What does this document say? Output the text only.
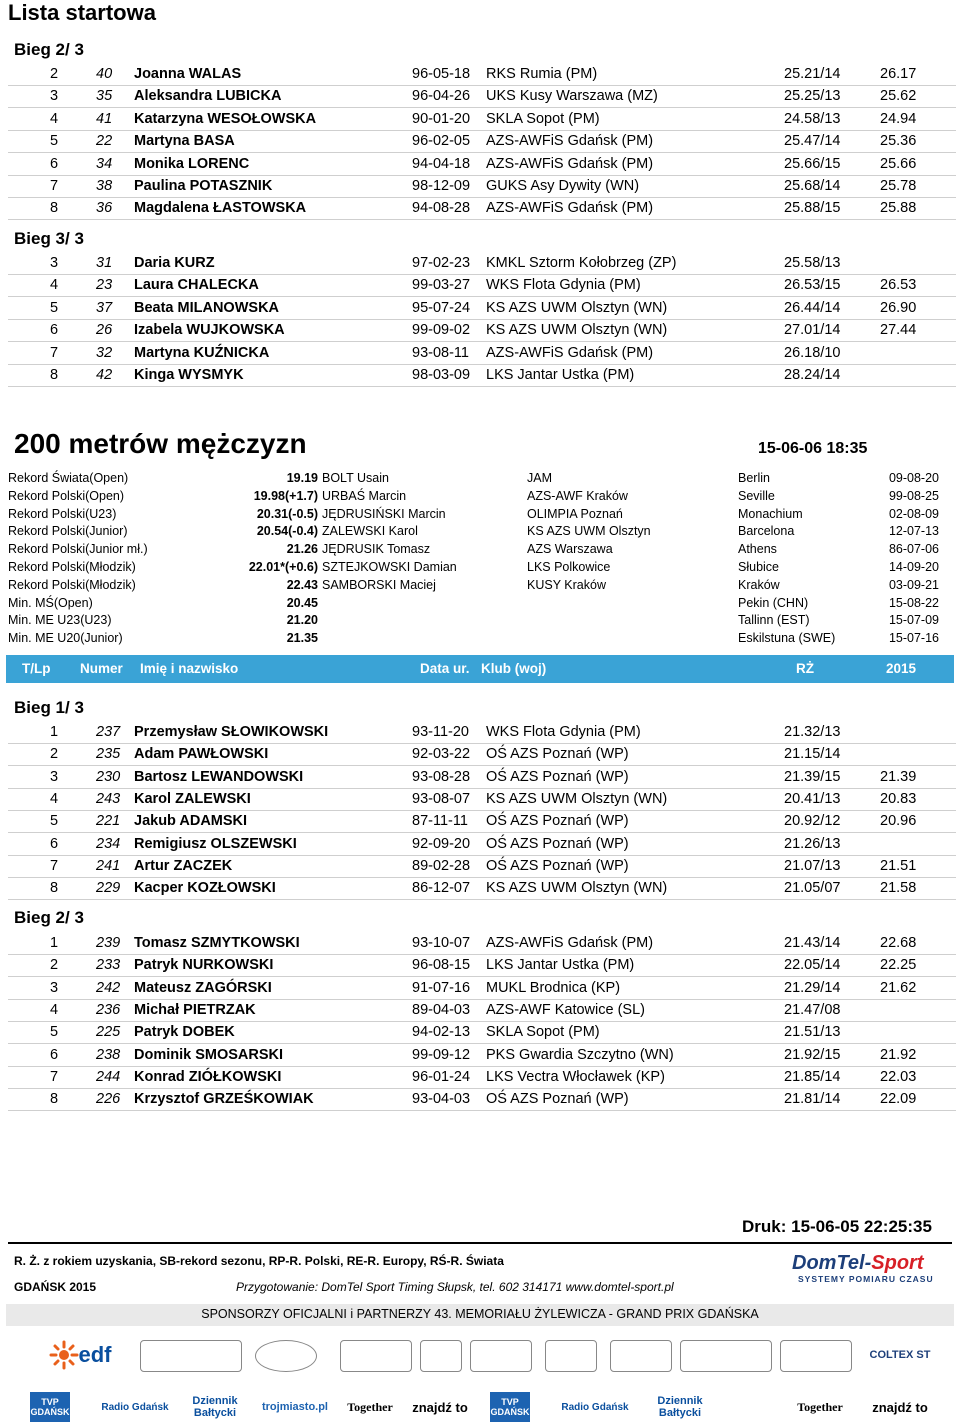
Lista startowa
Bieg 2/ 3
2	40 Joanna WALAS	96-05-18 RKS Rumia (PM)	25.21/14	26.17
3	35 Aleksandra LUBICKA	96-04-26 UKS Kusy Warszawa (MZ)	25.25/13	25.62
4	41 Katarzyna WESOŁOWSKA	90-01-20 SKLA Sopot (PM)	24.58/13	24.94
5	22 Martyna BASA	96-02-05 AZS-AWFiS Gdańsk (PM)	25.47/14	25.36
6	34 Monika LORENC	94-04-18 AZS-AWFiS Gdańsk (PM)	25.66/15	25.66
7	38 Paulina POTASZNIK	98-12-09 GUKS Asy Dywity (WN)	25.68/14	25.78
8	36 Magdalena ŁASTOWSKA	94-08-28 AZS-AWFiS Gdańsk (PM)	25.88/15	25.88
Bieg 3/ 3
3	31 Daria KURZ	97-02-23 KMKL Sztorm Kołobrzeg (ZP)	25.58/13
4	23 Laura CHALECKA	99-03-27 WKS Flota Gdynia (PM)	26.53/15	26.53
5	37 Beata MILANOWSKA	95-07-24 KS AZS UWM Olsztyn (WN)	26.44/14	26.90
6	26 Izabela WUJKOWSKA	99-09-02 KS AZS UWM Olsztyn (WN)	27.01/14	27.44
7	32 Martyna KUŹNICKA	93-08-11 AZS-AWFiS Gdańsk (PM)	26.18/10
8	42 Kinga WYSMYK	98-03-09 LKS Jantar Ustka (PM)	28.24/14
200 metrów mężczyzn	15-06-06 18:35
Rekord Świata(Open)	19.19 BOLT Usain	JAM	Berlin	09-08-20
Rekord Polski(Open)	19.98(+1.7) URBAŚ Marcin	AZS-AWF Kraków	Seville	99-08-25
Rekord Polski(U23)	20.31(-0.5) JĘDRUSIŃSKI Marcin	OLIMPIA Poznań	Monachium	02-08-09
Rekord Polski(Junior)	20.54(-0.4) ZALEWSKI Karol	KS AZS UWM Olsztyn	Barcelona	12-07-13
Rekord Polski(Junior mł.)	21.26 JĘDRUSIK Tomasz	AZS Warszawa	Athens	86-07-06
Rekord Polski(Młodzik)	22.01*(+0.6) SZTEJKOWSKI Damian	LKS Polkowice	Słubice	14-09-20
Rekord Polski(Młodzik)	22.43 SAMBORSKI Maciej	KUSY Kraków	Kraków	03-09-21
Min. MŚ(Open)	20.45	Pekin (CHN)	15-08-22
Min. ME U23(U23)	21.20	Tallinn (EST)	15-07-09
Min. ME U20(Junior)	21.35	Eskilstuna (SWE)	15-07-16
T/Lp Numer Imię i nazwisko	Data ur. Klub (woj)	RŻ	2015
Bieg 1/ 3
1	237 Przemysław SŁOWIKOWSKI	93-11-20 WKS Flota Gdynia (PM)	21.32/13
2	235 Adam PAWŁOWSKI	92-03-22 OŚ AZS Poznań (WP)	21.15/14
3	230 Bartosz LEWANDOWSKI	93-08-28 OŚ AZS Poznań (WP)	21.39/15	21.39
4	243 Karol ZALEWSKI	93-08-07 KS AZS UWM Olsztyn (WN)	20.41/13	20.83
5	221 Jakub ADAMSKI	87-11-11 OŚ AZS Poznań (WP)	20.92/12	20.96
6	234 Remigiusz OLSZEWSKI	92-09-20 OŚ AZS Poznań (WP)	21.26/13
7	241 Artur ZACZEK	89-02-28 OŚ AZS Poznań (WP)	21.07/13	21.51
8	229 Kacper KOZŁOWSKI	86-12-07 KS AZS UWM Olsztyn (WN)	21.05/07	21.58
Bieg 2/ 3
1	239 Tomasz SZMYTKOWSKI	93-10-07 AZS-AWFiS Gdańsk (PM)	21.43/14	22.68
2	233 Patryk NURKOWSKI	96-08-15 LKS Jantar Ustka (PM)	22.05/14	22.25
3	242 Mateusz ZAGÓRSKI	91-07-16 MUKL Brodnica (KP)	21.29/14	21.62
4	236 Michał PIETRZAK	89-04-03 AZS-AWF Katowice (SL)	21.47/08
5	225 Patryk DOBEK	94-02-13 SKLA Sopot (PM)	21.51/13
6	238 Dominik SMOSARSKI	99-09-12 PKS Gwardia Szczytno (WN)	21.92/15	21.92
7	244 Konrad ZIÓŁKOWSKI	96-01-24 LKS Vectra Włocławek (KP)	21.85/14	22.03
8	226 Krzysztof GRZEŚKOWIAK	93-04-03 OŚ AZS Poznań (WP)	21.81/14	22.09
Druk: 15-06-05 22:25:35
R. Ż. z rokiem uzyskania, SB-rekord sezonu, RP-R. Polski, RE-R. Europy, RŚ-R. Świata
GDAŃSK 2015	Przygotowanie: DomTel Sport Timing Słupsk, tel. 602 314171 www.domtel-sport.pl
DomTel-Sport
SYSTEMY POMIARU CZASU
SPONSORZY OFICJALNI i PARTNERZY 43. MEMORIAŁU ŻYLEWICZA - GRAND PRIX GDAŃSKA
edf	COLTEX ST
TVP GDAŃSK	Radio Gdańsk	Dziennik Bałtycki	trojmiasto.pl	Together	znajdź to	TVP GDAŃSK	Radio Gdańsk	Dziennik Bałtycki	Together	znajdź to
